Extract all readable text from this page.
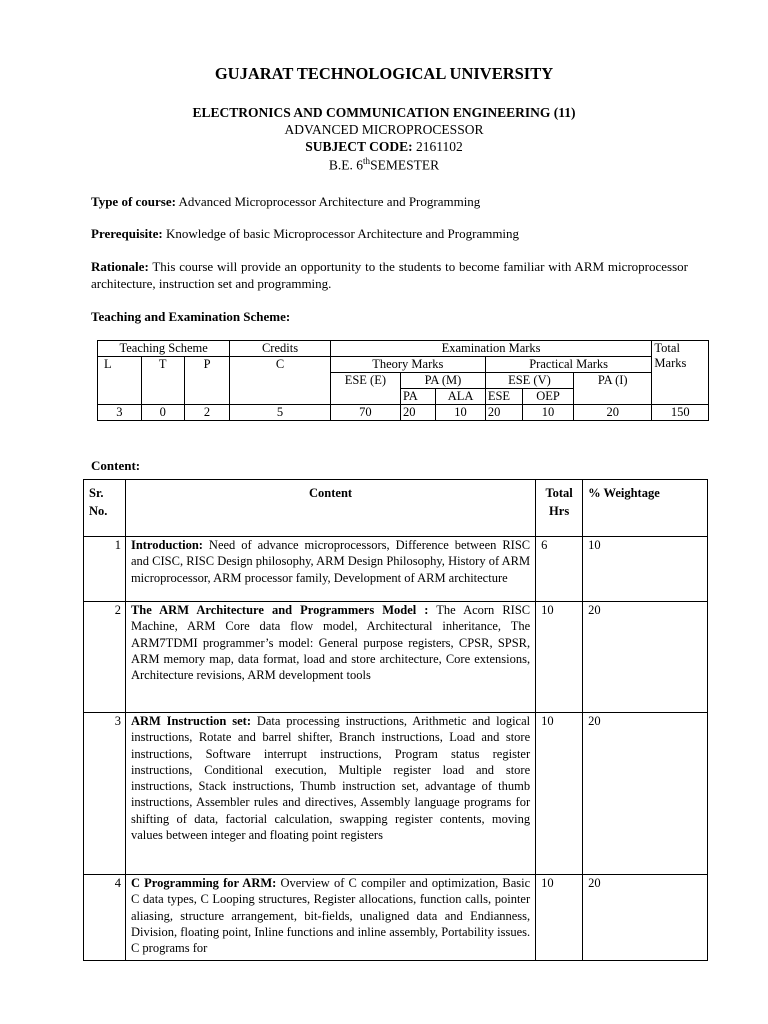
GUJARAT TECHNOLOGICAL UNIVERSITY
ELECTRONICS AND COMMUNICATION ENGINEERING (11)
ADVANCED MICROPROCESSOR
SUBJECT CODE: 2161102
B.E. 6thSEMESTER
Type of course: Advanced Microprocessor Architecture and Programming
Prerequisite: Knowledge of basic Microprocessor Architecture and Programming
Rationale: This course will provide an opportunity to the students to become familiar with ARM microprocessor architecture, instruction set and programming.
Teaching and Examination Scheme:
Teaching Scheme			Credits	Examination Marks						Total Marks
L	T	P	C	Theory Marks			Practical Marks			
				ESE (E)	PA (M)		ESE (V)		PA (I)	
					PA	ALA	ESE	OEP		
3	0	2	5	70	20	10	20	10	20	150
Content:
Sr. No.	Content	Total Hrs	% Weightage
1	Introduction: Need of advance microprocessors, Difference between RISC and CISC, RISC Design philosophy, ARM Design Philosophy, History of ARM microprocessor, ARM processor family, Development of ARM architecture	6	10
2	The ARM Architecture and Programmers Model : The Acorn RISC Machine, ARM Core data flow model, Architectural inheritance, The ARM7TDMI programmer’s model: General purpose registers, CPSR, SPSR, ARM memory map, data format, load and store architecture, Core extensions, Architecture revisions, ARM development tools	10	20
3	ARM Instruction set: Data processing instructions, Arithmetic and logical instructions, Rotate and barrel shifter, Branch instructions, Load and store instructions, Software interrupt instructions, Program status register instructions, Conditional execution, Multiple register load and store instructions, Stack instructions, Thumb instruction set, advantage of thumb instructions, Assembler rules and directives, Assembly language programs for shifting of data, factorial calculation, swapping register contents, moving values between integer and floating point registers	10	20
4	C Programming for ARM: Overview of C compiler and optimization, Basic C data types, C Looping structures, Register allocations, function calls, pointer aliasing, structure arrangement, bit-fields, unaligned data and Endianness, Division, floating point, Inline functions and inline assembly, Portability issues. C programs for	10	20
